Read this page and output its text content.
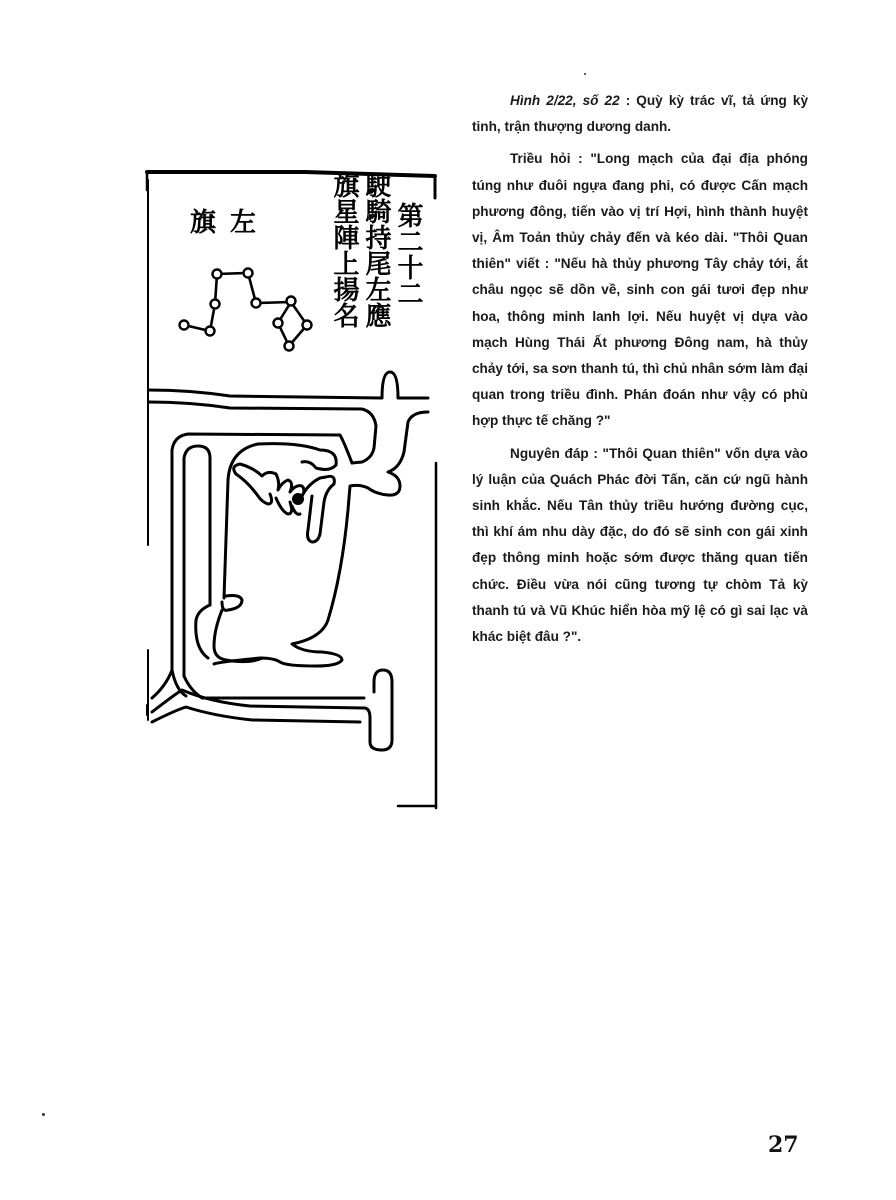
第二十二
駛騎持尾左應
旗星陣上揚名
旗左

Hình 2/22, số 22 : Quỳ kỳ trác vĩ, tả ứng kỳ tinh, trận thượng dương danh.

Triều hỏi : "Long mạch của đại địa phóng túng như đuôi ngựa đang phi, có được Cấn mạch phương đông, tiến vào vị trí Hợi, hình thành huyệt vị, Âm Toản thủy chảy đến và kéo dài. "Thôi Quan thiên" viết : "Nếu hà thủy phương Tây chảy tới, ắt châu ngọc sẽ dồn về, sinh con gái tươi đẹp như hoa, thông minh lanh lợi. Nếu huyệt vị dựa vào mạch Hùng Thái Ất phương Đông nam, hà thủy chảy tới, sa sơn thanh tú, thì chủ nhân sớm làm đại quan trong triều đình. Phán đoán như vậy có phù hợp thực tế chăng ?"

Nguyên đáp : "Thôi Quan thiên" vốn dựa vào lý luận của Quách Phác đời Tấn, căn cứ ngũ hành sinh khắc. Nếu Tân thủy triều hướng đường cục, thì khí ám nhu dày đặc, do đó sẽ sinh con gái xinh đẹp thông minh hoặc sớm được thăng quan tiến chức. Điều vừa nói cũng tương tự chòm Tả kỳ thanh tú và Vũ Khúc hiển hòa mỹ lệ có gì sai lạc và khác biệt đâu ?".

27
